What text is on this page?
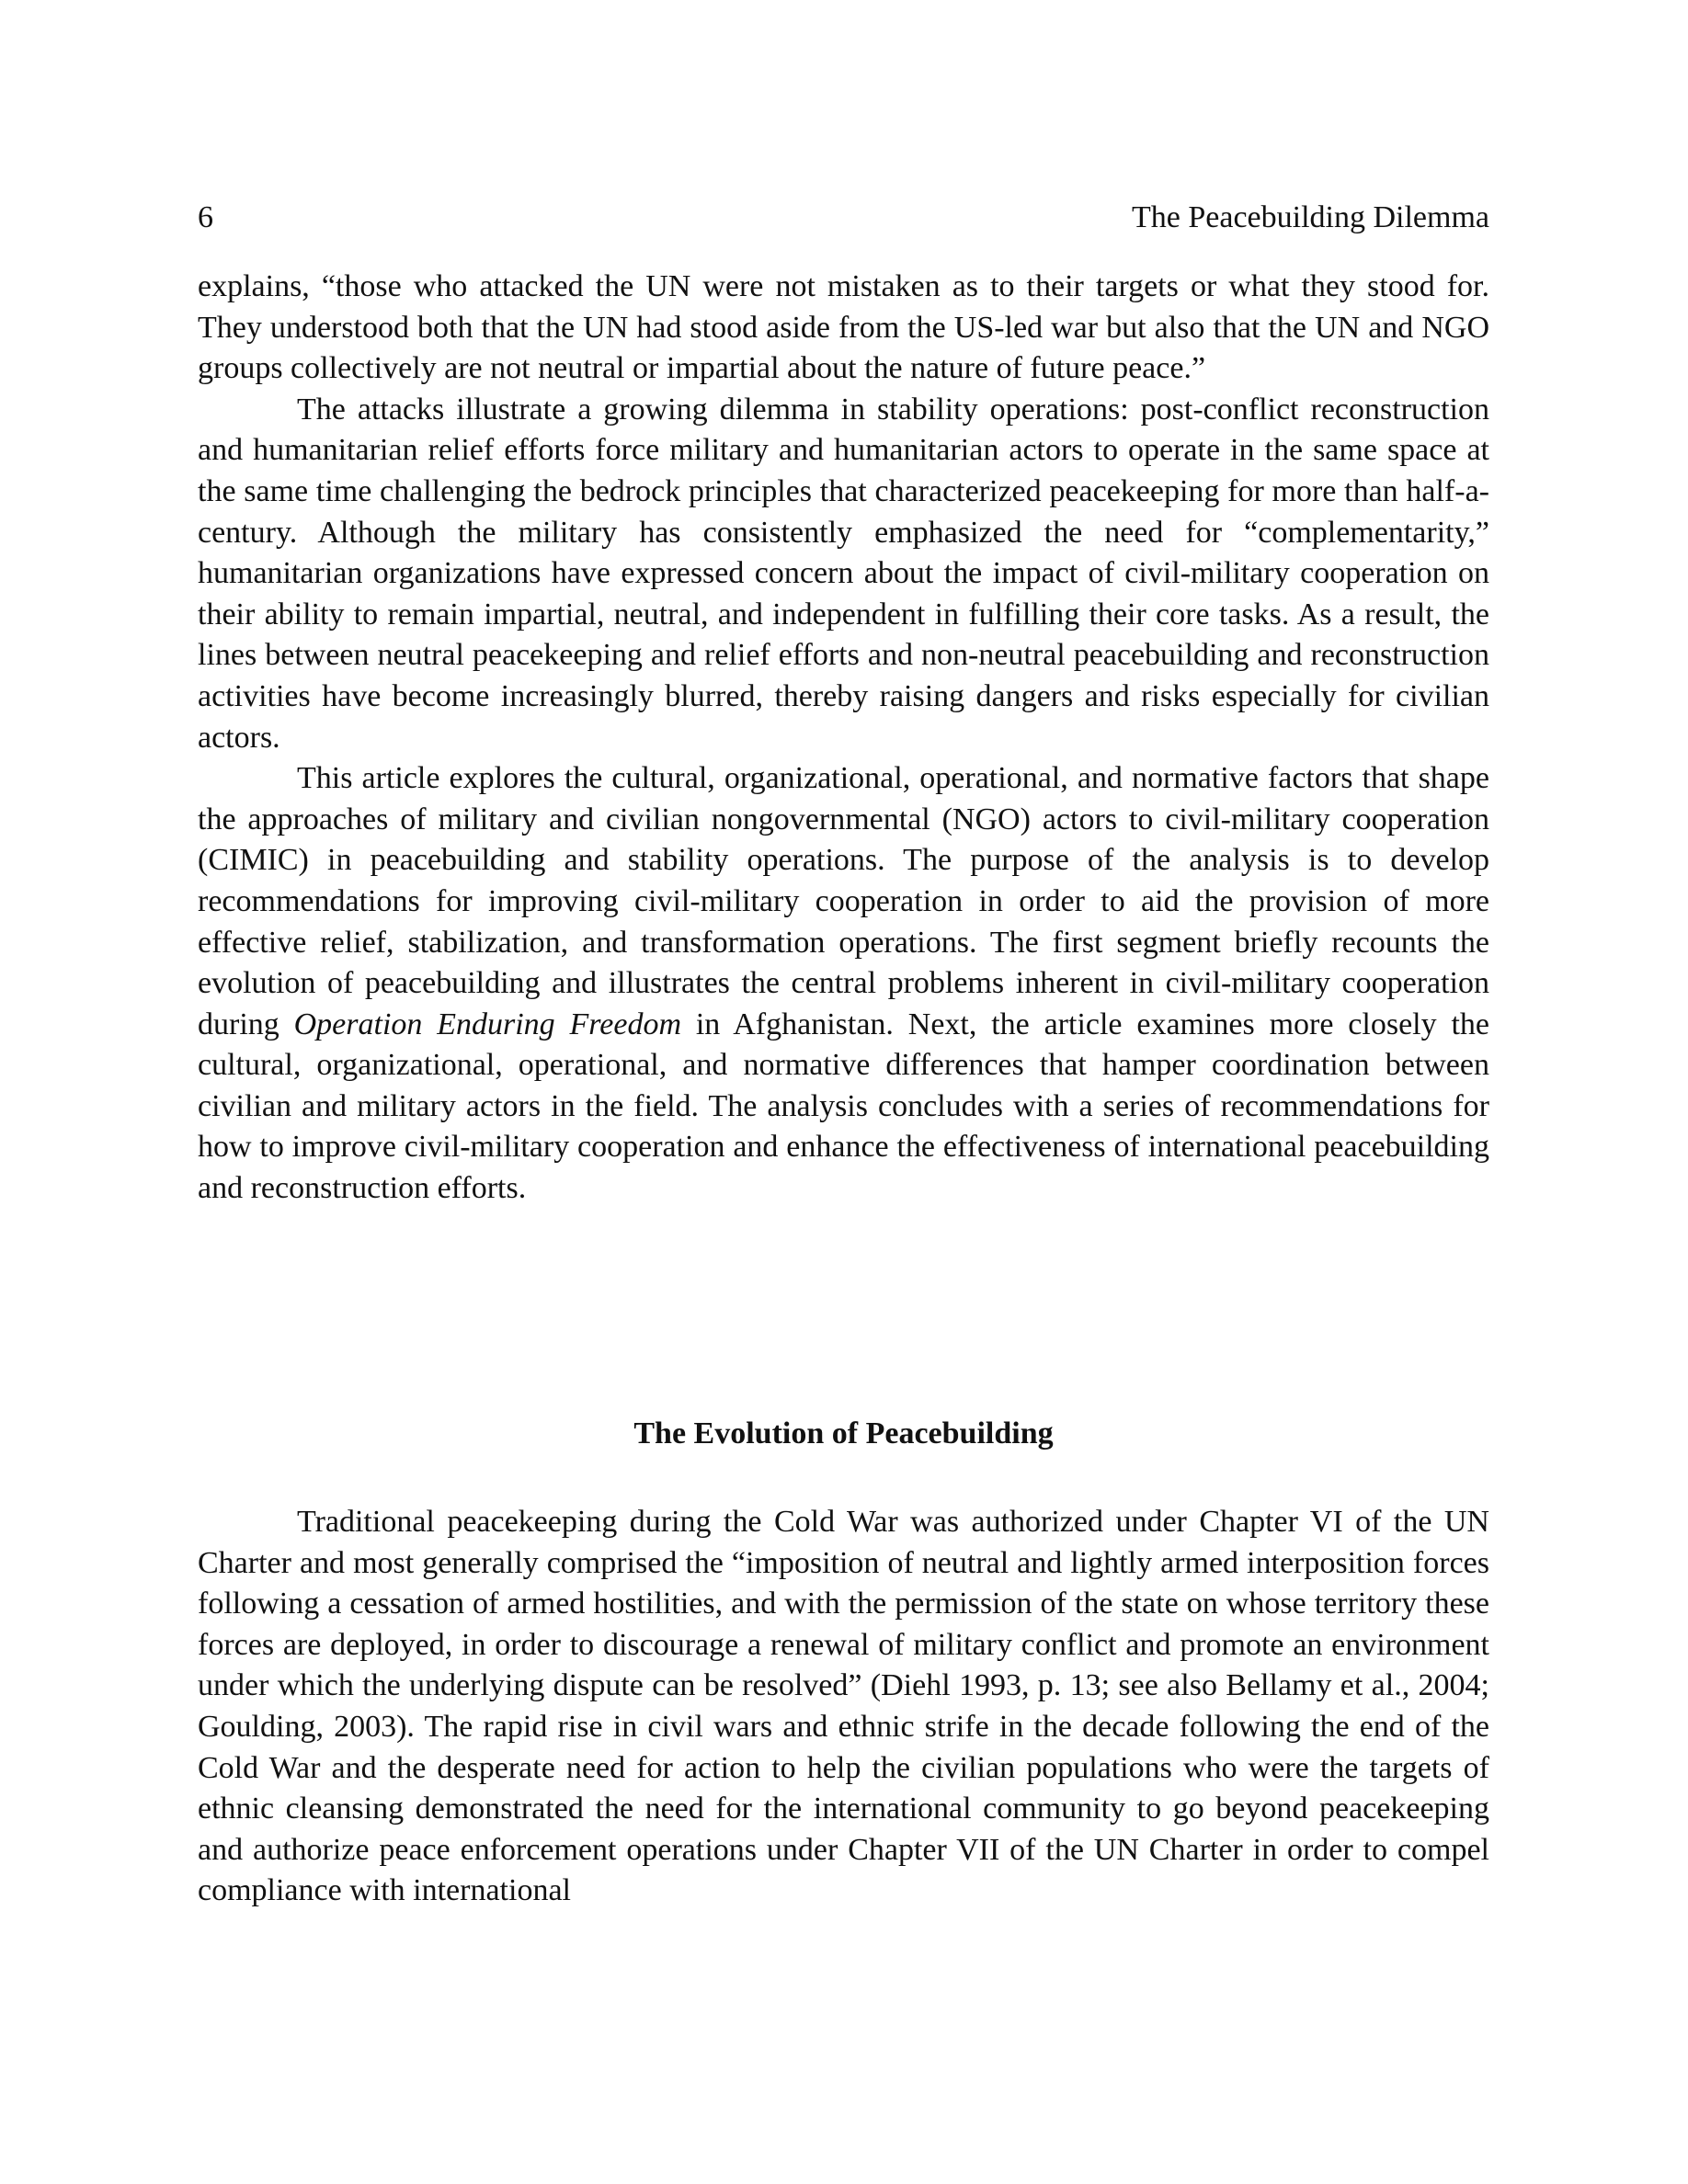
6	The Peacebuilding Dilemma

explains, “those who attacked the UN were not mistaken as to their targets or what they stood for. They understood both that the UN had stood aside from the US-led war but also that the UN and NGO groups collectively are not neutral or impartial about the nature of future peace.”

The attacks illustrate a growing dilemma in stability operations: post-conflict reconstruction and humanitarian relief efforts force military and humanitarian actors to operate in the same space at the same time challenging the bedrock principles that characterized peacekeeping for more than half-a-century. Although the military has consistently emphasized the need for “complementarity,” humanitarian organizations have expressed concern about the impact of civil-military cooperation on their ability to remain impartial, neutral, and independent in fulfilling their core tasks. As a result, the lines between neutral peacekeeping and relief efforts and non-neutral peacebuilding and reconstruction activities have become increasingly blurred, thereby raising dangers and risks especially for civilian actors.

This article explores the cultural, organizational, operational, and normative factors that shape the approaches of military and civilian nongovernmental (NGO) actors to civil-military cooperation (CIMIC) in peacebuilding and stability operations. The purpose of the analysis is to develop recommendations for improving civil-military cooperation in order to aid the provision of more effective relief, stabilization, and transformation operations. The first segment briefly recounts the evolution of peacebuilding and illustrates the central problems inherent in civil-military cooperation during Operation Enduring Freedom in Afghanistan. Next, the article examines more closely the cultural, organizational, operational, and normative differences that hamper coordination between civilian and military actors in the field. The analysis concludes with a series of recommendations for how to improve civil-military cooperation and enhance the effectiveness of international peacebuilding and reconstruction efforts.

The Evolution of Peacebuilding

Traditional peacekeeping during the Cold War was authorized under Chapter VI of the UN Charter and most generally comprised the “imposition of neutral and lightly armed interposition forces following a cessation of armed hostilities, and with the permission of the state on whose territory these forces are deployed, in order to discourage a renewal of military conflict and promote an environment under which the underlying dispute can be resolved” (Diehl 1993, p. 13; see also Bellamy et al., 2004; Goulding, 2003). The rapid rise in civil wars and ethnic strife in the decade following the end of the Cold War and the desperate need for action to help the civilian populations who were the targets of ethnic cleansing demonstrated the need for the international community to go beyond peacekeeping and authorize peace enforcement operations under Chapter VII of the UN Charter in order to compel compliance with international
